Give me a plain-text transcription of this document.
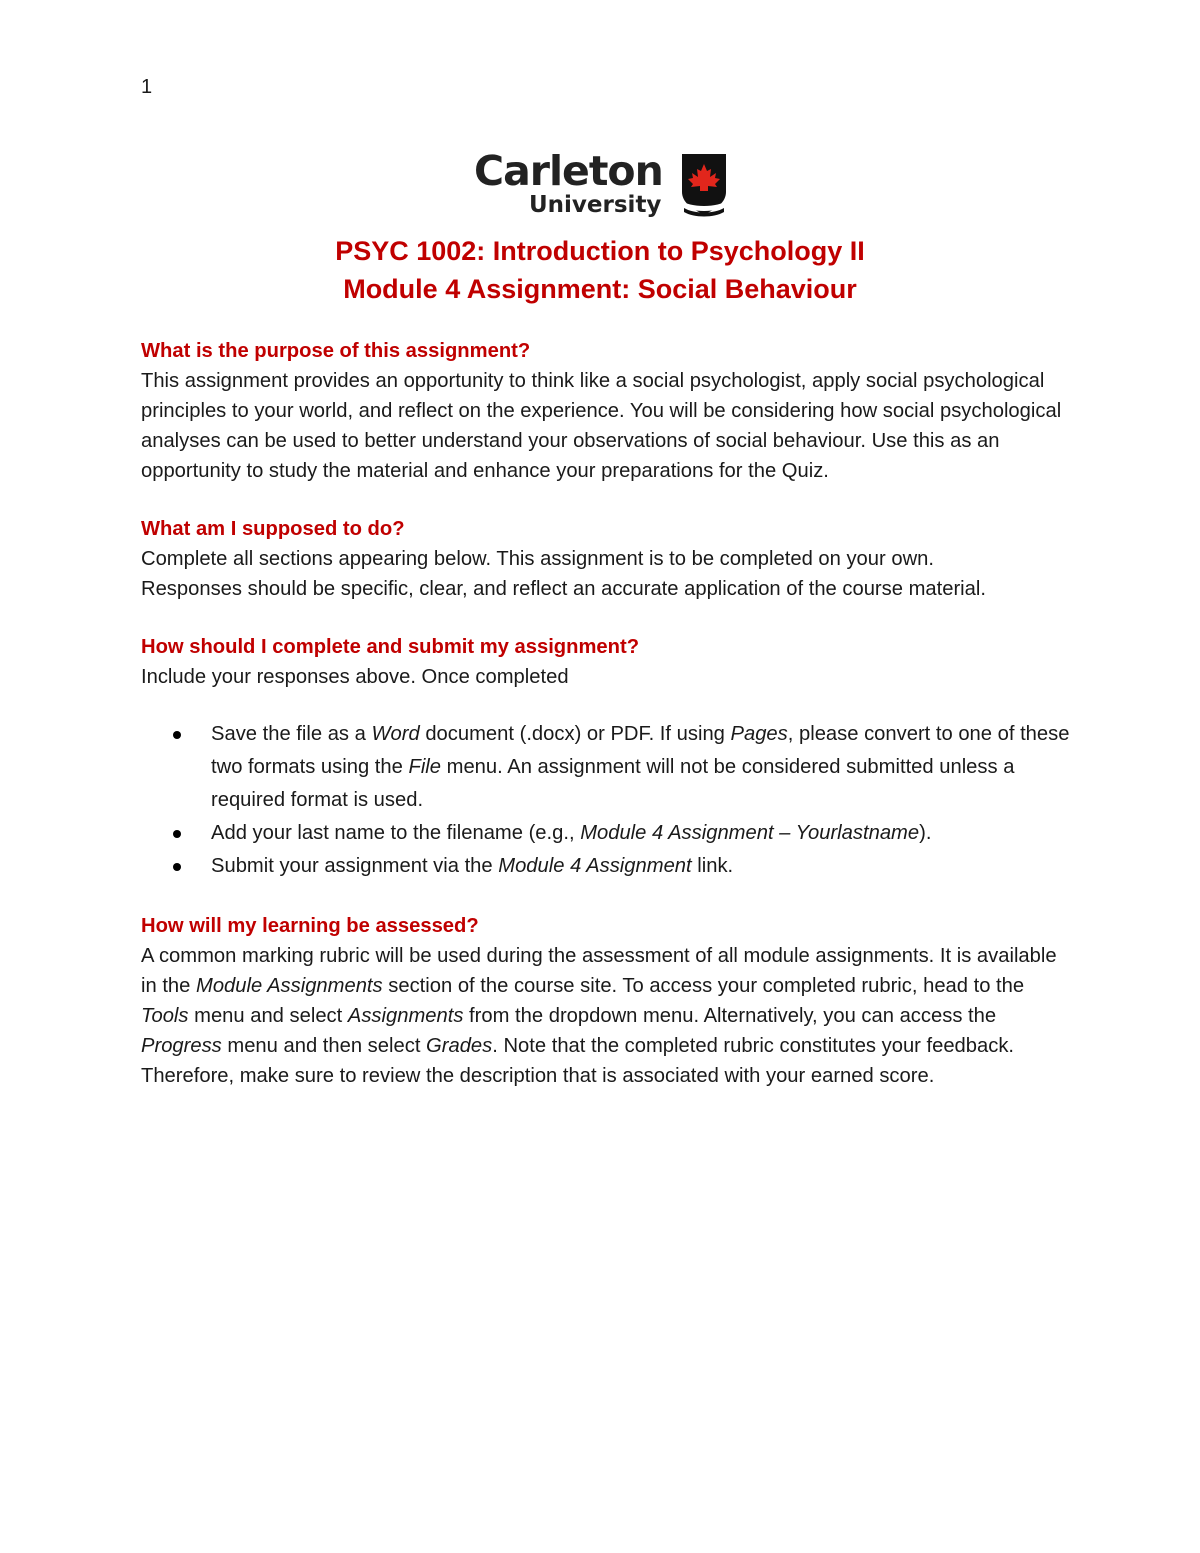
1
Carleton
University
PSYC 1002: Introduction to Psychology II
Module 4 Assignment: Social Behaviour

What is the purpose of this assignment?

This assignment provides an opportunity to think like a social psychologist, apply social psychological principles to your world, and reflect on the experience. You will be considering how social psychological analyses can be used to better understand your observations of social behaviour. Use this as an opportunity to study the material and enhance your preparations for the Quiz.

What am I supposed to do?

Complete all sections appearing below. This assignment is to be completed on your own.

Responses should be specific, clear, and reflect an accurate application of the course material.

How should I complete and submit my assignment?

Include your responses above. Once completed

Save the file as a Word document (.docx) or PDF. If using Pages, please convert to one of these two formats using the File menu. An assignment will not be considered submitted unless a required format is used.
Add your last name to the filename (e.g., Module 4 Assignment – Yourlastname).
Submit your assignment via the Module 4 Assignment link.

How will my learning be assessed?

A common marking rubric will be used during the assessment of all module assignments. It is available in the Module Assignments section of the course site. To access your completed rubric, head to the Tools menu and select Assignments from the dropdown menu. Alternatively, you can access the Progress menu and then select Grades. Note that the completed rubric constitutes your feedback. Therefore, make sure to review the description that is associated with your earned score.
